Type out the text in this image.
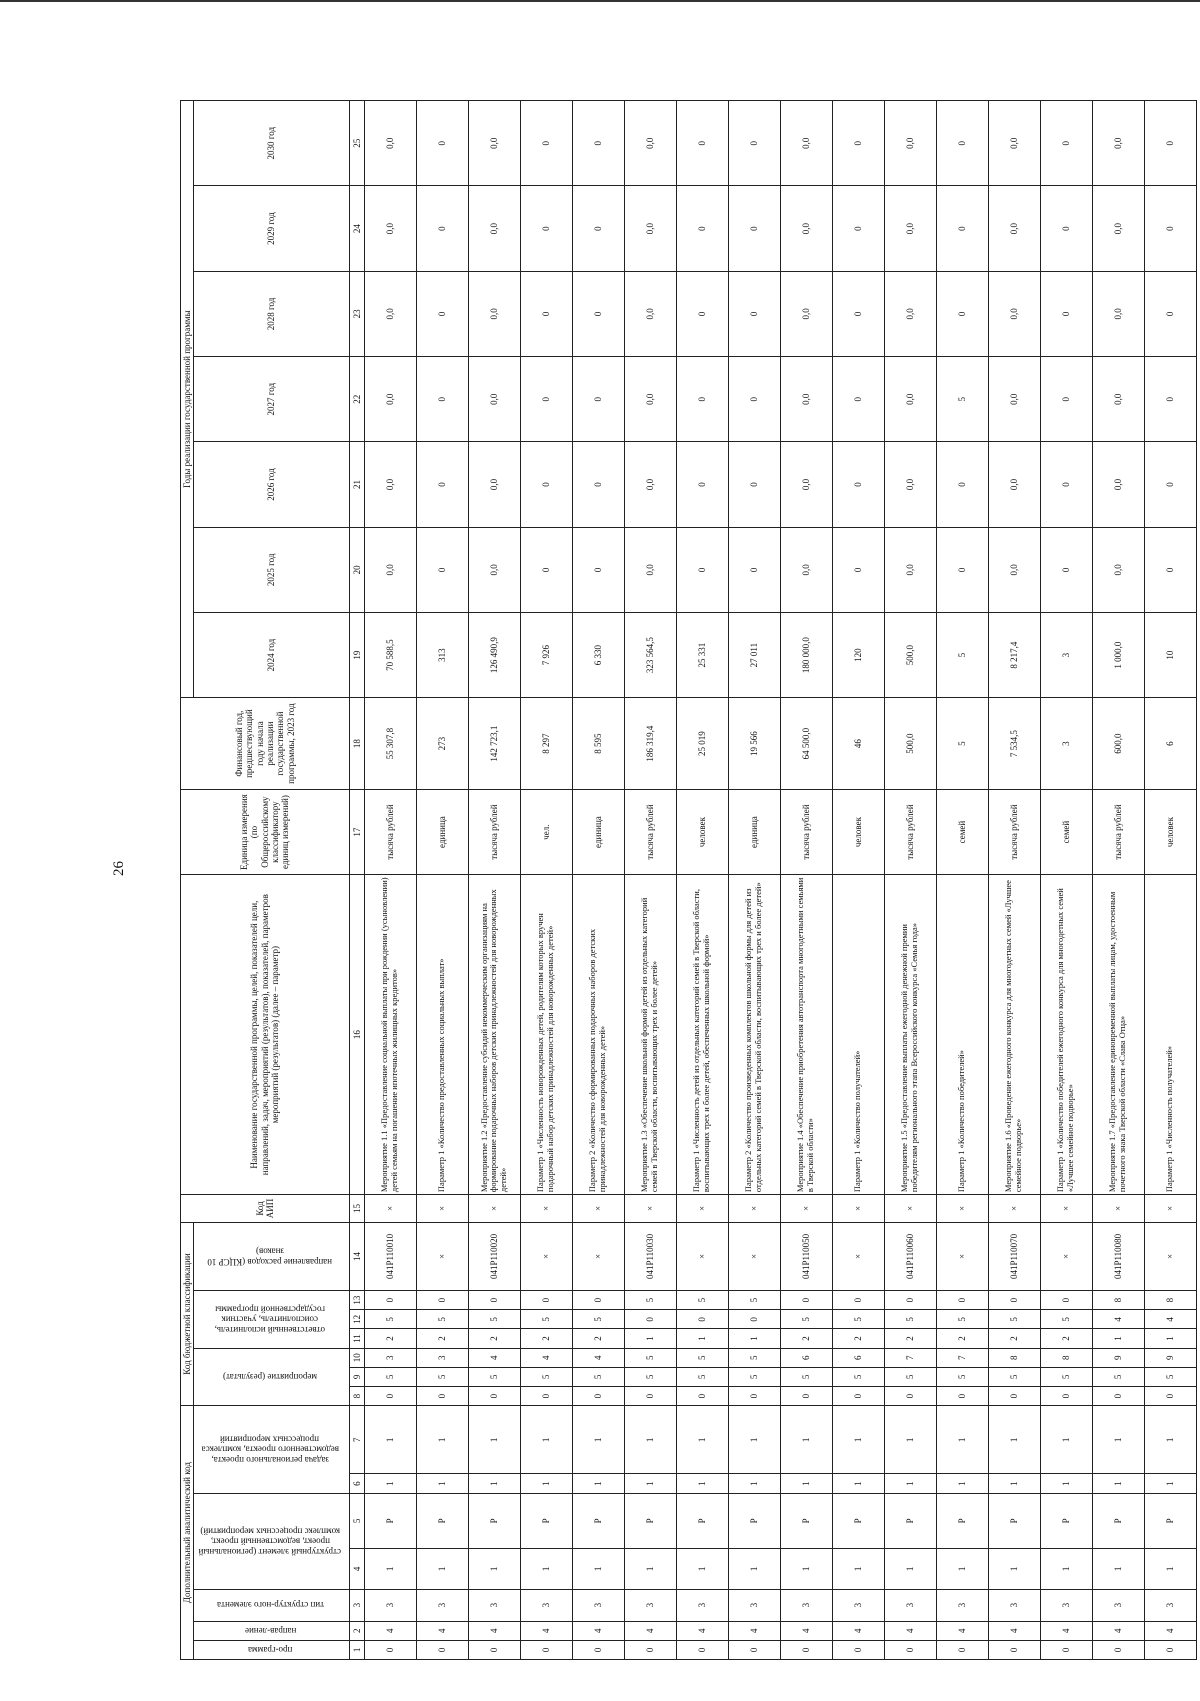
26
Дополнительный аналитический код							Код бюджетной классификации							Код АИП	Наименование государственной программы, целей, показателей цели, направлений, задач, мероприятий (результатов), показателей, параметров мероприятий (результатов) (далее – параметр)	Единица измерения (по Общероссийскому классификатору единиц измерений)	Финансовый год, предшествующий году начала реализации государственной программы, 2023 год	Годы реализации государственной программы						
про-грамма	направ-ление	тип структур-ного элемента	структурный элемент (региональный проект, ведомственный проект, комплекс процессных мероприятий)		задача регионального проекта, ведомственного проекта, комплекса процессных мероприятий		мероприятие (результат)			ответственный исполнитель, соисполнитель, участник государственной программы			направление расходов (КЦСР 10 знаков)					2024 год	2025 год	2026 год	2027 год	2028 год	2029 год	2030 год

1	2	3	4	5	6	7	8	9	10	11	12	13	14	15	16	17	18	19	20	21	22	23	24	25
0	4	3	1	Р	1	1	0	5	3	2	5	0	041Р110010	×	Мероприятие 1.1 «Предоставление социальной выплаты при рождении (усыновлении) детей семьям на погашение ипотечных жилищных кредитов»	тысяча рублей	55 307,8	70 588,5	0,0	0,0	0,0	0,0	0,0	0,0
0	4	3	1	Р	1	1	0	5	3	2	5	0	×	×	Параметр 1 «Количество предоставленных социальных выплат»	единица	273	313	0	0	0	0	0	0
0	4	3	1	Р	1	1	0	5	4	2	5	0	041Р110020	×	Мероприятие 1.2 «Предоставление субсидий некоммерческим организациям на формирование подарочных наборов детских принадлежностей для новорожденных детей»	тысяча рублей	142 723,1	126 490,9	0,0	0,0	0,0	0,0	0,0	0,0
0	4	3	1	Р	1	1	0	5	4	2	5	0	×	×	Параметр 1 «Численность новорожденных детей, родителям которых вручен подарочный набор детских принадлежностей для новорожденных детей»	чел.	8 297	7 926	0	0	0	0	0	0
0	4	3	1	Р	1	1	0	5	4	2	5	0	×	×	Параметр 2 «Количество сформированных подарочных наборов детских принадлежностей для новорожденных детей»	единица	8 595	6 330	0	0	0	0	0	0
0	4	3	1	Р	1	1	0	5	5	1	0	5	041Р110030	×	Мероприятие 1.3 «Обеспечение школьной формой детей из отдельных категорий семей в Тверской области, воспитывающих трех и более детей»	тысяча рублей	186 319,4	323 564,5	0,0	0,0	0,0	0,0	0,0	0,0
0	4	3	1	Р	1	1	0	5	5	1	0	5	×	×	Параметр 1 «Численность детей из отдельных категорий семей в Тверской области, воспитывающих трех и более детей, обеспеченных школьной формой»	человек	25 019	25 331	0	0	0	0	0	0
0	4	3	1	Р	1	1	0	5	5	1	0	5	×	×	Параметр 2 «Количество произведенных комплектов школьной формы для детей из отдельных категорий семей в Тверской области, воспитывающих трех и более детей»	единица	19 566	27 011	0	0	0	0	0	0
0	4	3	1	Р	1	1	0	5	6	2	5	0	041Р110050	×	Мероприятие 1.4 «Обеспечение приобретения автотранспорта многодетными семьями в Тверской области»	тысяча рублей	64 500,0	180 000,0	0,0	0,0	0,0	0,0	0,0	0,0
0	4	3	1	Р	1	1	0	5	6	2	5	0	×	×	Параметр 1 «Количество получателей»	человек	46	120	0	0	0	0	0	0
0	4	3	1	Р	1	1	0	5	7	2	5	0	041Р110060	×	Мероприятие 1.5 «Предоставление выплаты ежегодной денежной премии победителям регионального этапа Всероссийского конкурса «Семья года»	тысяча рублей	500,0	500,0	0,0	0,0	0,0	0,0	0,0	0,0
0	4	3	1	Р	1	1	0	5	7	2	5	0	×	×	Параметр 1 «Количество победителей»	семей	5	5	0	0	5	0	0	0
0	4	3	1	Р	1	1	0	5	8	2	5	0	041Р110070	×	Мероприятие 1.6 «Проведение ежегодного конкурса для многодетных семей «Лучшее семейное подворье»	тысяча рублей	7 534,5	8 217,4	0,0	0,0	0,0	0,0	0,0	0,0
0	4	3	1	Р	1	1	0	5	8	2	5	0	×	×	Параметр 1 «Количество победителей ежегодного конкурса для многодетных семей «Лучшее семейное подворье»	семей	3	3	0	0	0	0	0	0
0	4	3	1	Р	1	1	0	5	9	1	4	8	041Р110080	×	Мероприятие 1.7 «Предоставление единовременной выплаты лицам, удостоенным почетного знака Тверской области «Слава Отца»	тысяча рублей	600,0	1 000,0	0,0	0,0	0,0	0,0	0,0	0,0
0	4	3	1	Р	1	1	0	5	9	1	4	8	×	×	Параметр 1 «Численность получателей»	человек	6	10	0	0	0	0	0	0
